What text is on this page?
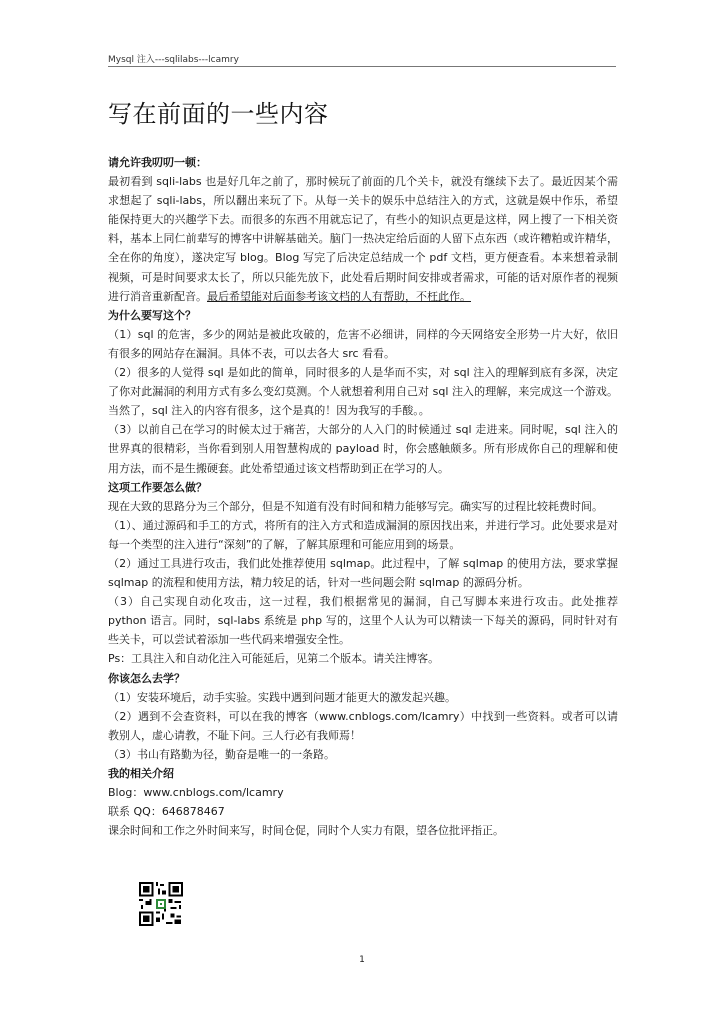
Mysql 注入---sqlilabs---lcamry
写在前面的一些内容
请允许我叨叨一顿：

最初看到 sqli-labs 也是好几年之前了，那时候玩了前面的几个关卡，就没有继续下去了。最近因某个需求想起了 sqli-labs，所以翻出来玩了下。从每一关卡的娱乐中总结注入的方式，这就是娱中作乐，希望能保持更大的兴趣学下去。而很多的东西不用就忘记了，有些小的知识点更是这样，网上搜了一下相关资料，基本上同仁前辈写的博客中讲解基础关。脑门一热决定给后面的人留下点东西（或许糟粕或许精华，全在你的角度），遂决定写 blog。Blog 写完了后决定总结成一个 pdf 文档，更方便查看。本来想着录制视频，可是时间要求太长了，所以只能先放下，此处看后期时间安排或者需求，可能的话对原作者的视频进行消音重新配音。最后希望能对后面参考该文档的人有帮助，不枉此作。

为什么要写这个？

（1）sql 的危害，多少的网站是被此攻破的，危害不必细讲，同样的今天网络安全形势一片大好，依旧有很多的网站存在漏洞。具体不表，可以去各大 src 看看。

（2）很多的人觉得 sql 是如此的简单，同时很多的人是华而不实，对 sql 注入的理解到底有多深，决定了你对此漏洞的利用方式有多么变幻莫测。个人就想着利用自己对 sql 注入的理解，来完成这一个游戏。当然了，sql 注入的内容有很多，这个是真的！因为我写的手酸。。

（3）以前自己在学习的时候太过于痛苦，大部分的人入门的时候通过 sql 走进来。同时呢，sql 注入的世界真的很精彩，当你看到别人用智慧构成的 payload 时，你会感触颇多。所有形成你自己的理解和使用方法，而不是生搬硬套。此处希望通过该文档帮助到正在学习的人。

这项工作要怎么做？

现在大致的思路分为三个部分，但是不知道有没有时间和精力能够写完。确实写的过程比较耗费时间。

（1）、通过源码和手工的方式，将所有的注入方式和造成漏洞的原因找出来，并进行学习。此处要求是对每一个类型的注入进行“深刻”的了解，了解其原理和可能应用到的场景。

（2）通过工具进行攻击，我们此处推荐使用 sqlmap。此过程中，了解 sqlmap 的使用方法，要求掌握 sqlmap 的流程和使用方法，精力较足的话，针对一些问题会附 sqlmap 的源码分析。

（3）自己实现自动化攻击，这一过程，我们根据常见的漏洞，自己写脚本来进行攻击。此处推荐 python 语言。同时，sql-labs 系统是 php 写的，这里个人认为可以精读一下每关的源码，同时针对有些关卡，可以尝试着添加一些代码来增强安全性。

Ps：工具注入和自动化注入可能延后，见第二个版本。请关注博客。

你该怎么去学？

（1）安装环境后，动手实验。实践中遇到问题才能更大的激发起兴趣。

（2）遇到不会查资料，可以在我的博客（www.cnblogs.com/lcamry）中找到一些资料。或者可以请教别人，虚心请教，不耻下问。三人行必有我师焉！

（3）书山有路勤为径，勤奋是唯一的一条路。

我的相关介绍

Blog：www.cnblogs.com/lcamry

联系 QQ：646878467

课余时间和工作之外时间来写，时间仓促，同时个人实力有限，望各位批评指正。

1
